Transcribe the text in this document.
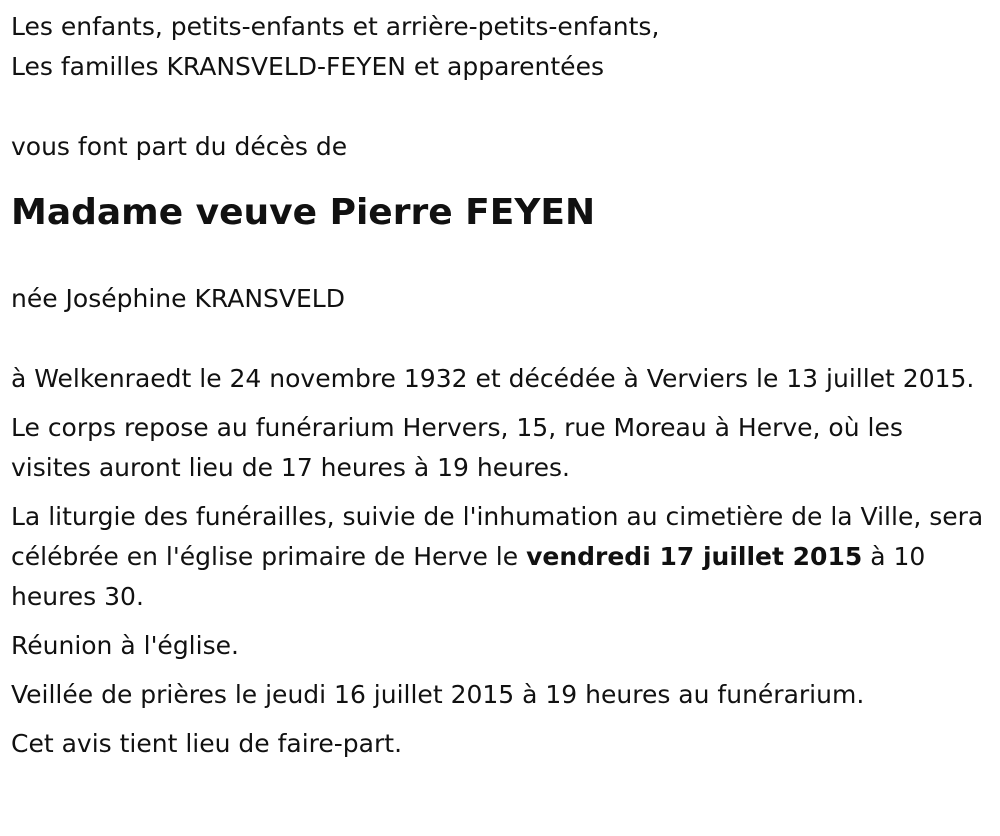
Les enfants, petits-enfants et arrière-petits-enfants,

Les familles KRANSVELD-FEYEN et apparentées

vous font part du décès de

Madame veuve Pierre FEYEN

née Joséphine KRANSVELD

à Welkenraedt le 24 novembre 1932 et décédée à Verviers le 13 juillet 2015.

Le corps repose au funérarium Hervers, 15, rue Moreau à Herve, où les visites auront lieu de 17 heures à 19 heures.

La liturgie des funérailles, suivie de l'inhumation au cimetière de la Ville, sera célébrée en l'église primaire de Herve le vendredi 17 juillet 2015 à 10 heures 30.

Réunion à l'église.

Veillée de prières le jeudi 16 juillet 2015 à 19 heures au funérarium.

Cet avis tient lieu de faire-part.
